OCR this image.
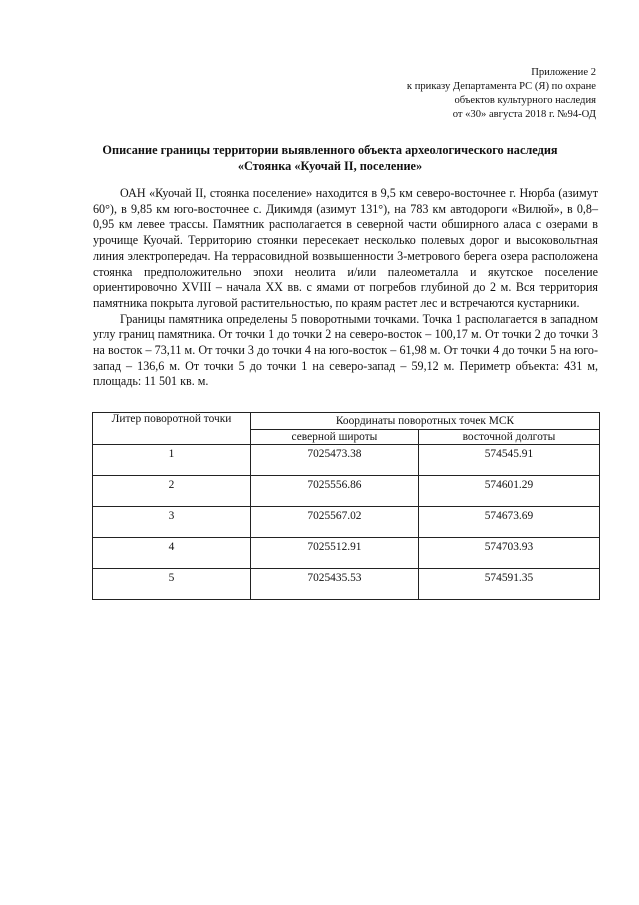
Приложение 2
к приказу Департамента РС (Я) по охране
объектов культурного наследия
от «30» августа 2018 г. №94-ОД
Описание границы территории выявленного объекта археологического наследия
«Стоянка «Куочай II, поселение»

ОАН «Куочай II, стоянка поселение» находится в 9,5 км северо-восточнее г. Нюрба (азимут 60°), в 9,85 км юго-восточнее с. Дикимдя (азимут 131°), на 783 км автодороги «Вилюй», в 0,8–0,95 км левее трассы. Памятник располагается в северной части обширного аласа с озерами в урочище Куочай. Территорию стоянки пересекает несколько полевых дорог и высоковольтная линия электропередач. На террасовидной возвышенности 3-метрового берега озера расположена стоянка предположительно эпохи неолита и/или палеометалла и якутское поселение ориентировочно XVIII – начала XX вв. с ямами от погребов глубиной до 2 м. Вся территория памятника покрыта луговой растительностью, по краям растет лес и встречаются кустарники.

Границы памятника определены 5 поворотными точками. Точка 1 располагается в западном углу границ памятника. От точки 1 до точки 2 на северо-восток – 100,17 м. От точки 2 до точки 3 на восток – 73,11 м. От точки 3 до точки 4 на юго-восток – 61,98 м. От точки 4 до точки 5 на юго-запад – 136,6 м. От точки 5 до точки 1 на северо-запад – 59,12 м. Периметр объекта: 431 м, площадь: 11 501 кв. м.

Литер поворотной точки	Координаты поворотных точек МСК	
	северной широты	восточной долготы
1	7025473.38	574545.91
2	7025556.86	574601.29
3	7025567.02	574673.69
4	7025512.91	574703.93
5	7025435.53	574591.35
